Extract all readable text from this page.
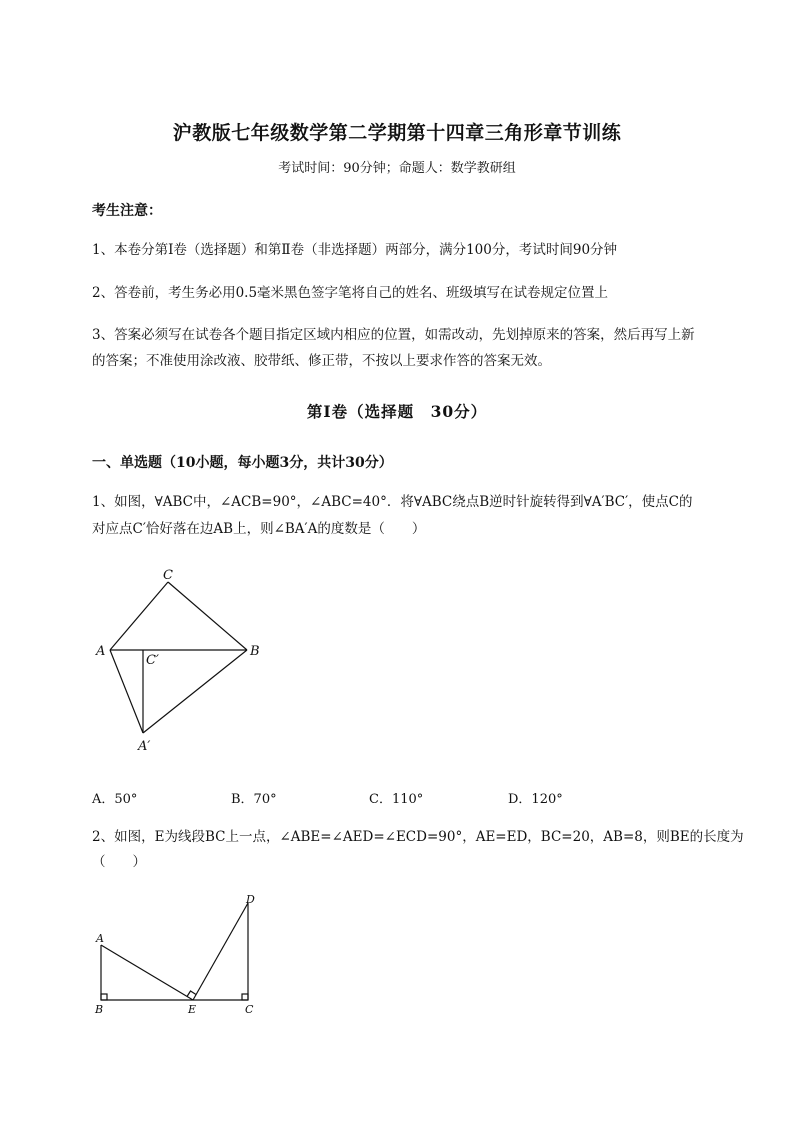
沪教版七年级数学第二学期第十四章三角形章节训练
考试时间：90分钟；命题人：数学教研组
考生注意：
1、本卷分第I卷（选择题）和第Ⅱ卷（非选择题）两部分，满分100分，考试时间90分钟
2、答卷前，考生务必用0.5毫米黑色签字笔将自己的姓名、班级填写在试卷规定位置上
3、答案必须写在试卷各个题目指定区域内相应的位置，如需改动，先划掉原来的答案，然后再写上新
的答案；不准使用涂改液、胶带纸、修正带，不按以上要求作答的答案无效。
第I卷（选择题　30分）
一、单选题（10小题，每小题3分，共计30分）
1、如图，∀ABC中，∠ACB=90°，∠ABC=40°．将∀ABC绕点B逆时针旋转得到∀A′BC′，使点C的
对应点C′恰好落在边AB上，则∠BA′A的度数是（　　）
C
A	B
C′
A′
A．50°	B．70°	C．110°	D．120°
2、如图，E为线段BC上一点，∠ABE=∠AED=∠ECD=90°，AE=ED，BC=20，AB=8，则BE的长度为
（　　）
A
B	E	C
D
